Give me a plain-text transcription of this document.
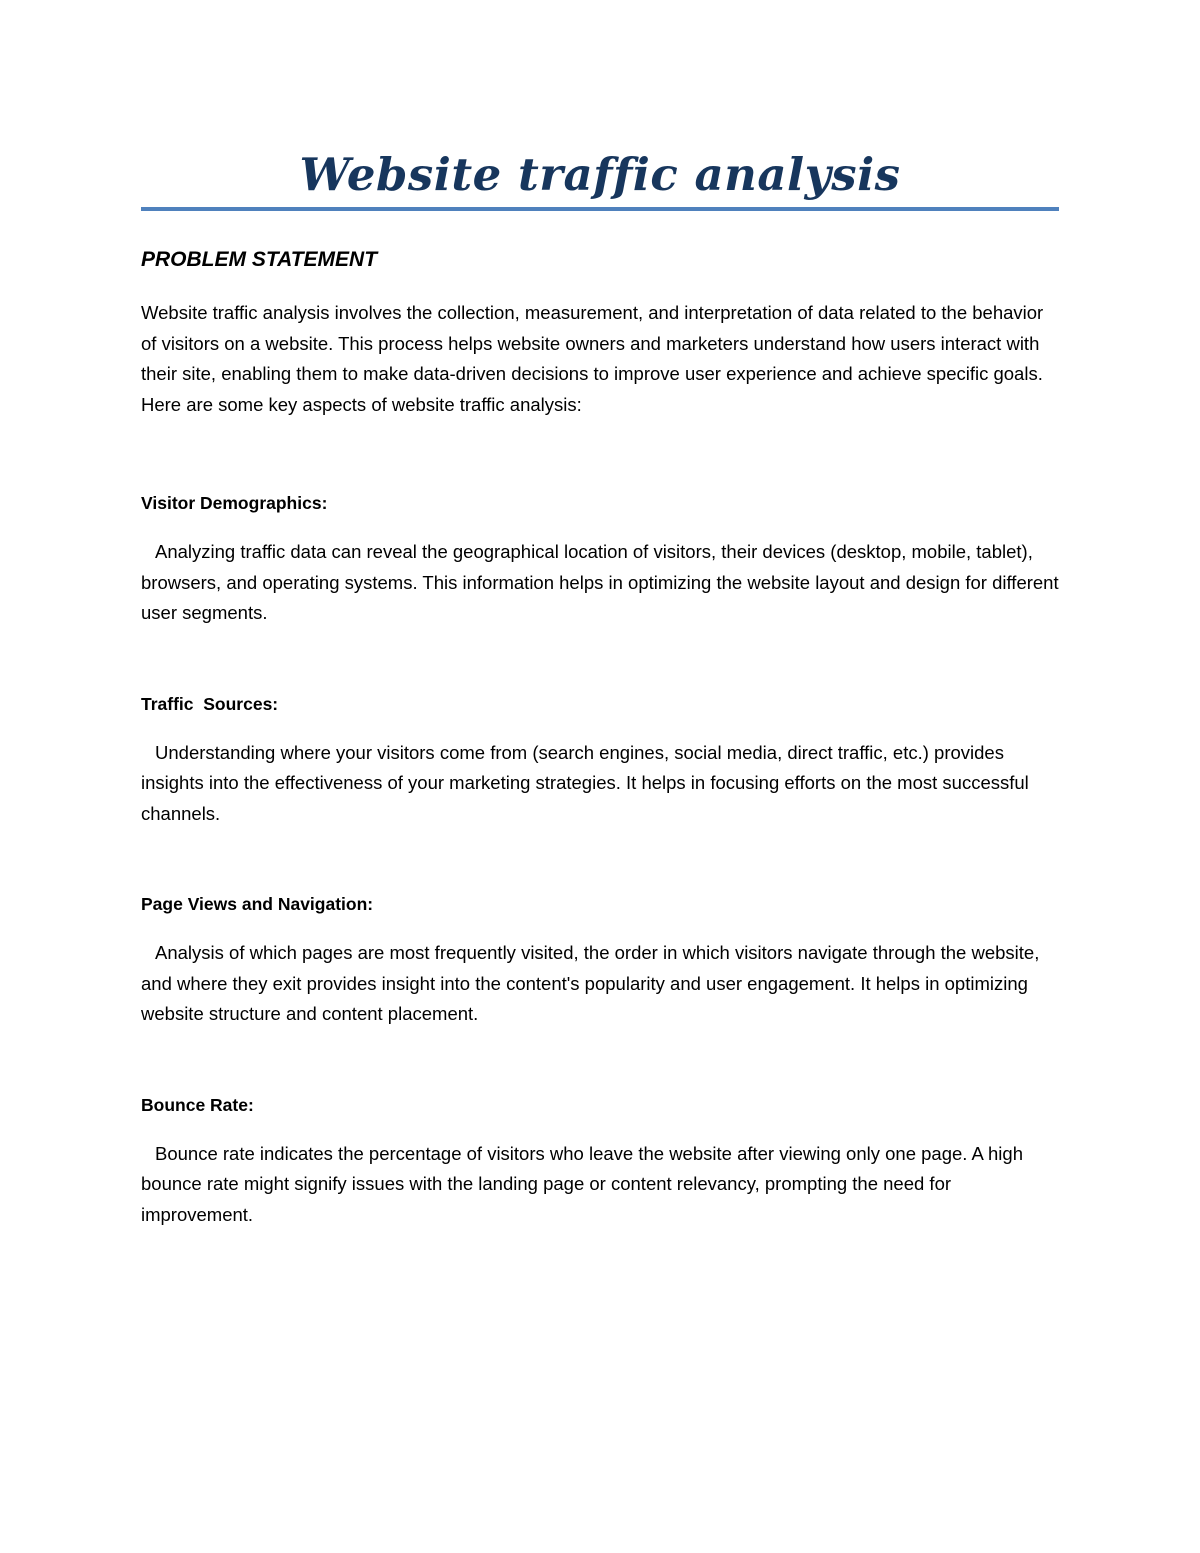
Website traffic analysis

PROBLEM STATEMENT

Website traffic analysis involves the collection, measurement, and interpretation of data related to the behavior of visitors on a website. This process helps website owners and marketers understand how users interact with their site, enabling them to make data-driven decisions to improve user experience and achieve specific goals. Here are some key aspects of website traffic analysis:

Visitor Demographics:

Analyzing traffic data can reveal the geographical location of visitors, their devices (desktop, mobile, tablet), browsers, and operating systems. This information helps in optimizing the website layout and design for different user segments.

Traffic  Sources:

Understanding where your visitors come from (search engines, social media, direct traffic, etc.) provides insights into the effectiveness of your marketing strategies. It helps in focusing efforts on the most successful channels.

Page Views and Navigation:

Analysis of which pages are most frequently visited, the order in which visitors navigate through the website, and where they exit provides insight into the content's popularity and user engagement. It helps in optimizing website structure and content placement.

Bounce Rate:

Bounce rate indicates the percentage of visitors who leave the website after viewing only one page. A high bounce rate might signify issues with the landing page or content relevancy, prompting the need for improvement.
